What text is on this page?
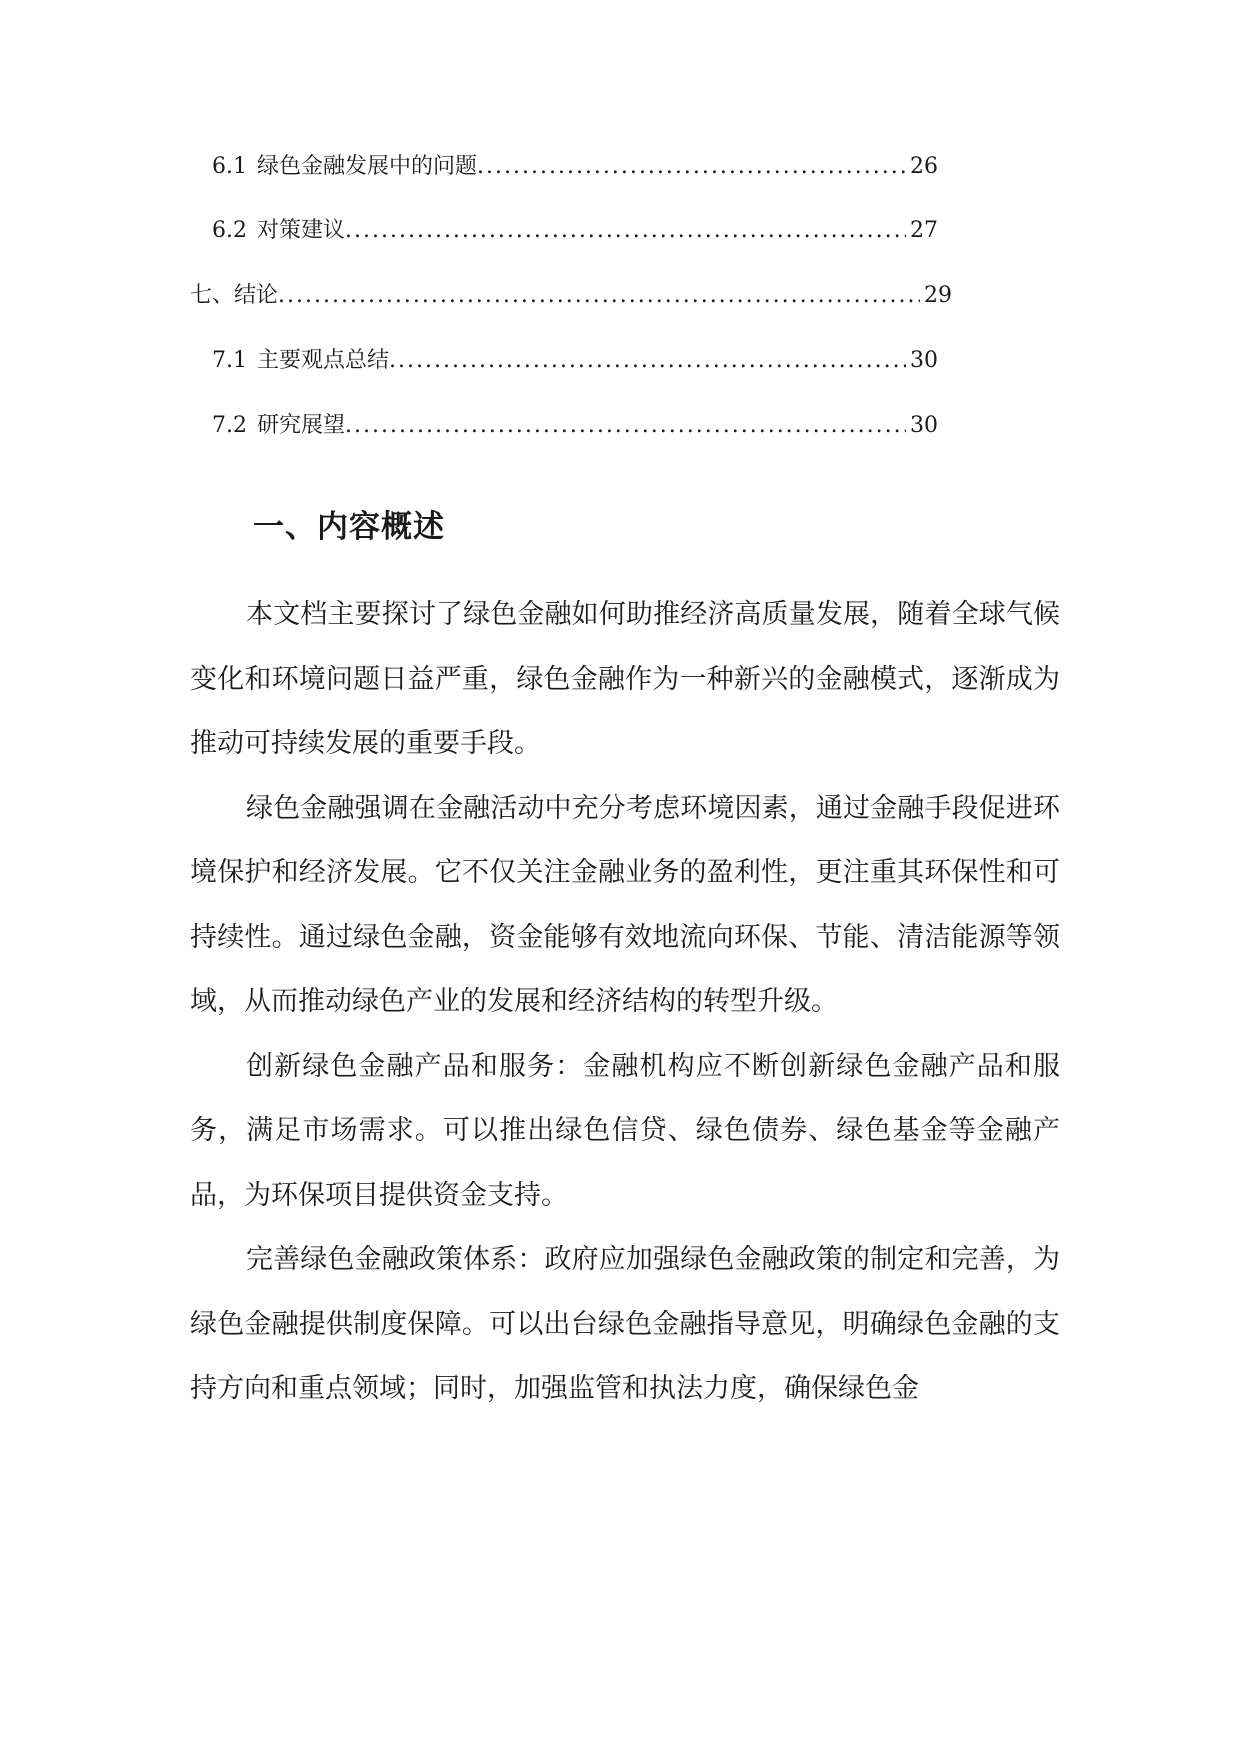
6.1 绿色金融发展中的问题 .....	26
6.2 对策建议 .....	27
七、结论 .....	29
7.1 主要观点总结 .....	30
7.2 研究展望 .....	30
一、内容概述

本文档主要探讨了绿色金融如何助推经济高质量发展，随着全球气候变化和环境问题日益严重，绿色金融作为一种新兴的金融模式，逐渐成为推动可持续发展的重要手段。

绿色金融强调在金融活动中充分考虑环境因素，通过金融手段促进环境保护和经济发展。它不仅关注金融业务的盈利性，更注重其环保性和可持续性。通过绿色金融，资金能够有效地流向环保、节能、清洁能源等领域，从而推动绿色产业的发展和经济结构的转型升级。

创新绿色金融产品和服务：金融机构应不断创新绿色金融产品和服务，满足市场需求。可以推出绿色信贷、绿色债券、绿色基金等金融产品，为环保项目提供资金支持。

完善绿色金融政策体系：政府应加强绿色金融政策的制定和完善，为绿色金融提供制度保障。可以出台绿色金融指导意见，明确绿色金融的支持方向和重点领域；同时，加强监管和执法力度，确保绿色金
